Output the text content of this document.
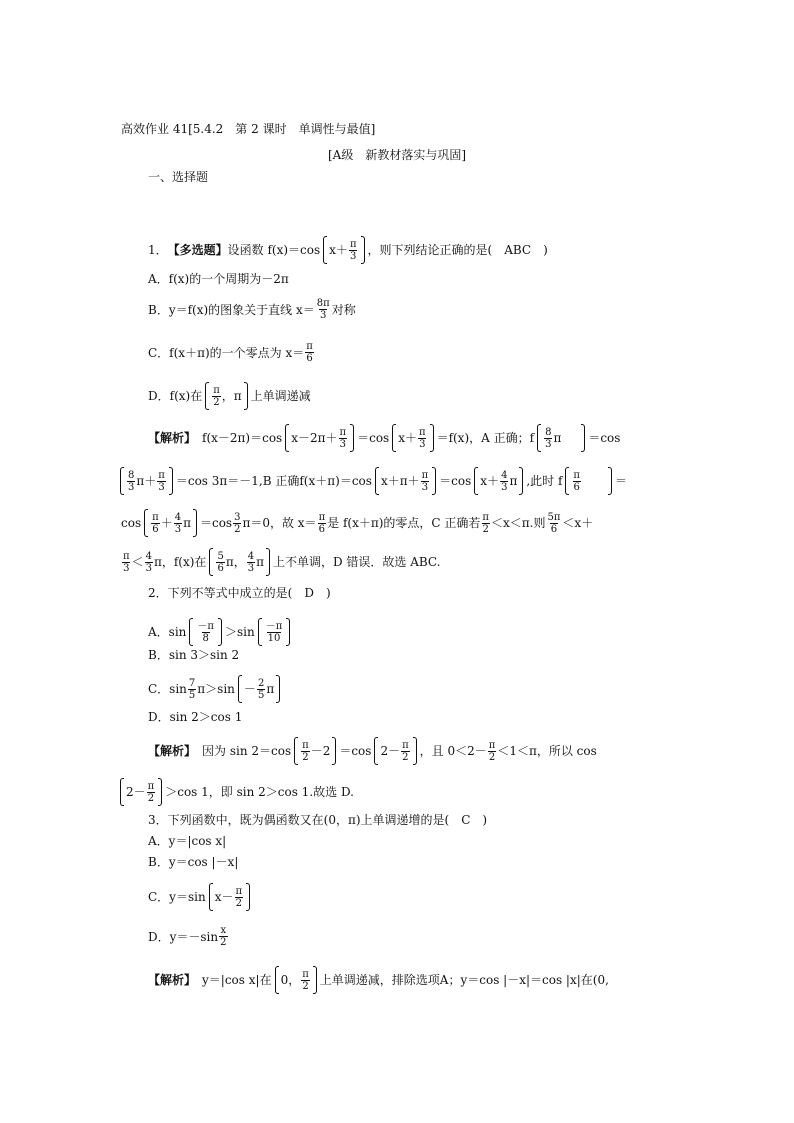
高效作业 41[5.4.2　第 2 课时　单调性与最值]
[A级　新教材落实与巩固]
一、选择题
1． 【多选题】 设函数 f(x)＝cos $x+ \frac{\pi}{3}$ ，则下列结论正确的是(　ABC　)
A．f(x)的一个周期为－2π
B．y＝f(x)的图象关于直线 $x= \frac{8\pi}{3}$ 对称
C．f(x＋π)的一个零点为 $x= \frac{\pi}{6}$
D．f(x)在 $\frac{\pi}{2}$ ，π 上单调递减
【解析】 f(x－2π)＝cos $x-2\pi+ \frac{\pi}{3} =\cos$ $x+ \frac{\pi}{3} =f(x)$，A 正确；f $\frac{8}{3}$ π ＝cos
$\frac{8}{3} \pi+ \frac{\pi}{3} =\cos$ 3π＝－1,B 正确f(x＋π)＝cos $x+\pi+ \frac{\pi}{3} =\cos$ $x+ \frac{4}{3}$ π ,此时 f $\frac{\pi}{6}$	＝
$\cos \frac{\pi}{6} + \frac{4}{3}$ $\pi =\cos \frac{3}{2} \pi=0$，故 $x= \frac{\pi}{6}$ 是 f(x＋π)的零点，C 正确若 $\frac{\pi}{2} <x<\pi$.则 $\frac{5\pi}{6} <x+$
$\frac{\pi}{3} < \frac{4}{3}$ π，f(x)在 $\frac{5}{6}$ π， $\frac{4}{3}$ π 上不单调，D 错误．故选 ABC.
2．下列不等式中成立的是(　D　)
A．$\sin \frac{-\pi}{8} >\sin \frac{-\pi}{10}$
B．sin 3＞sin 2
C．$\sin \frac{7}{5} \pi>\sin - \frac{2}{5}$ π
D．sin 2＞cos 1
【解析】 因为 $\sin 2=\cos \frac{\pi}{2} -2 =\cos$ $2- \frac{\pi}{2}$ ，且 $0<2- \frac{\pi}{2} <1<\pi$，所以 cos
$2- \frac{\pi}{2} >\cos$ 1，即 sin 2＞cos 1.故选 D.
3．下列函数中，既为偶函数又在(0，π)上单调递增的是(　C　)
A．y＝|cos x|
B．y＝cos |－x|
C．y＝sin $x- \frac{\pi}{2}$
D．$y=-\sin \frac{x}{2}$
【解析】 y＝|cos x|在 0， $\frac{\pi}{2}$ 上单调递减，排除选项A；y＝cos |－x|＝cos |x|在(0,
